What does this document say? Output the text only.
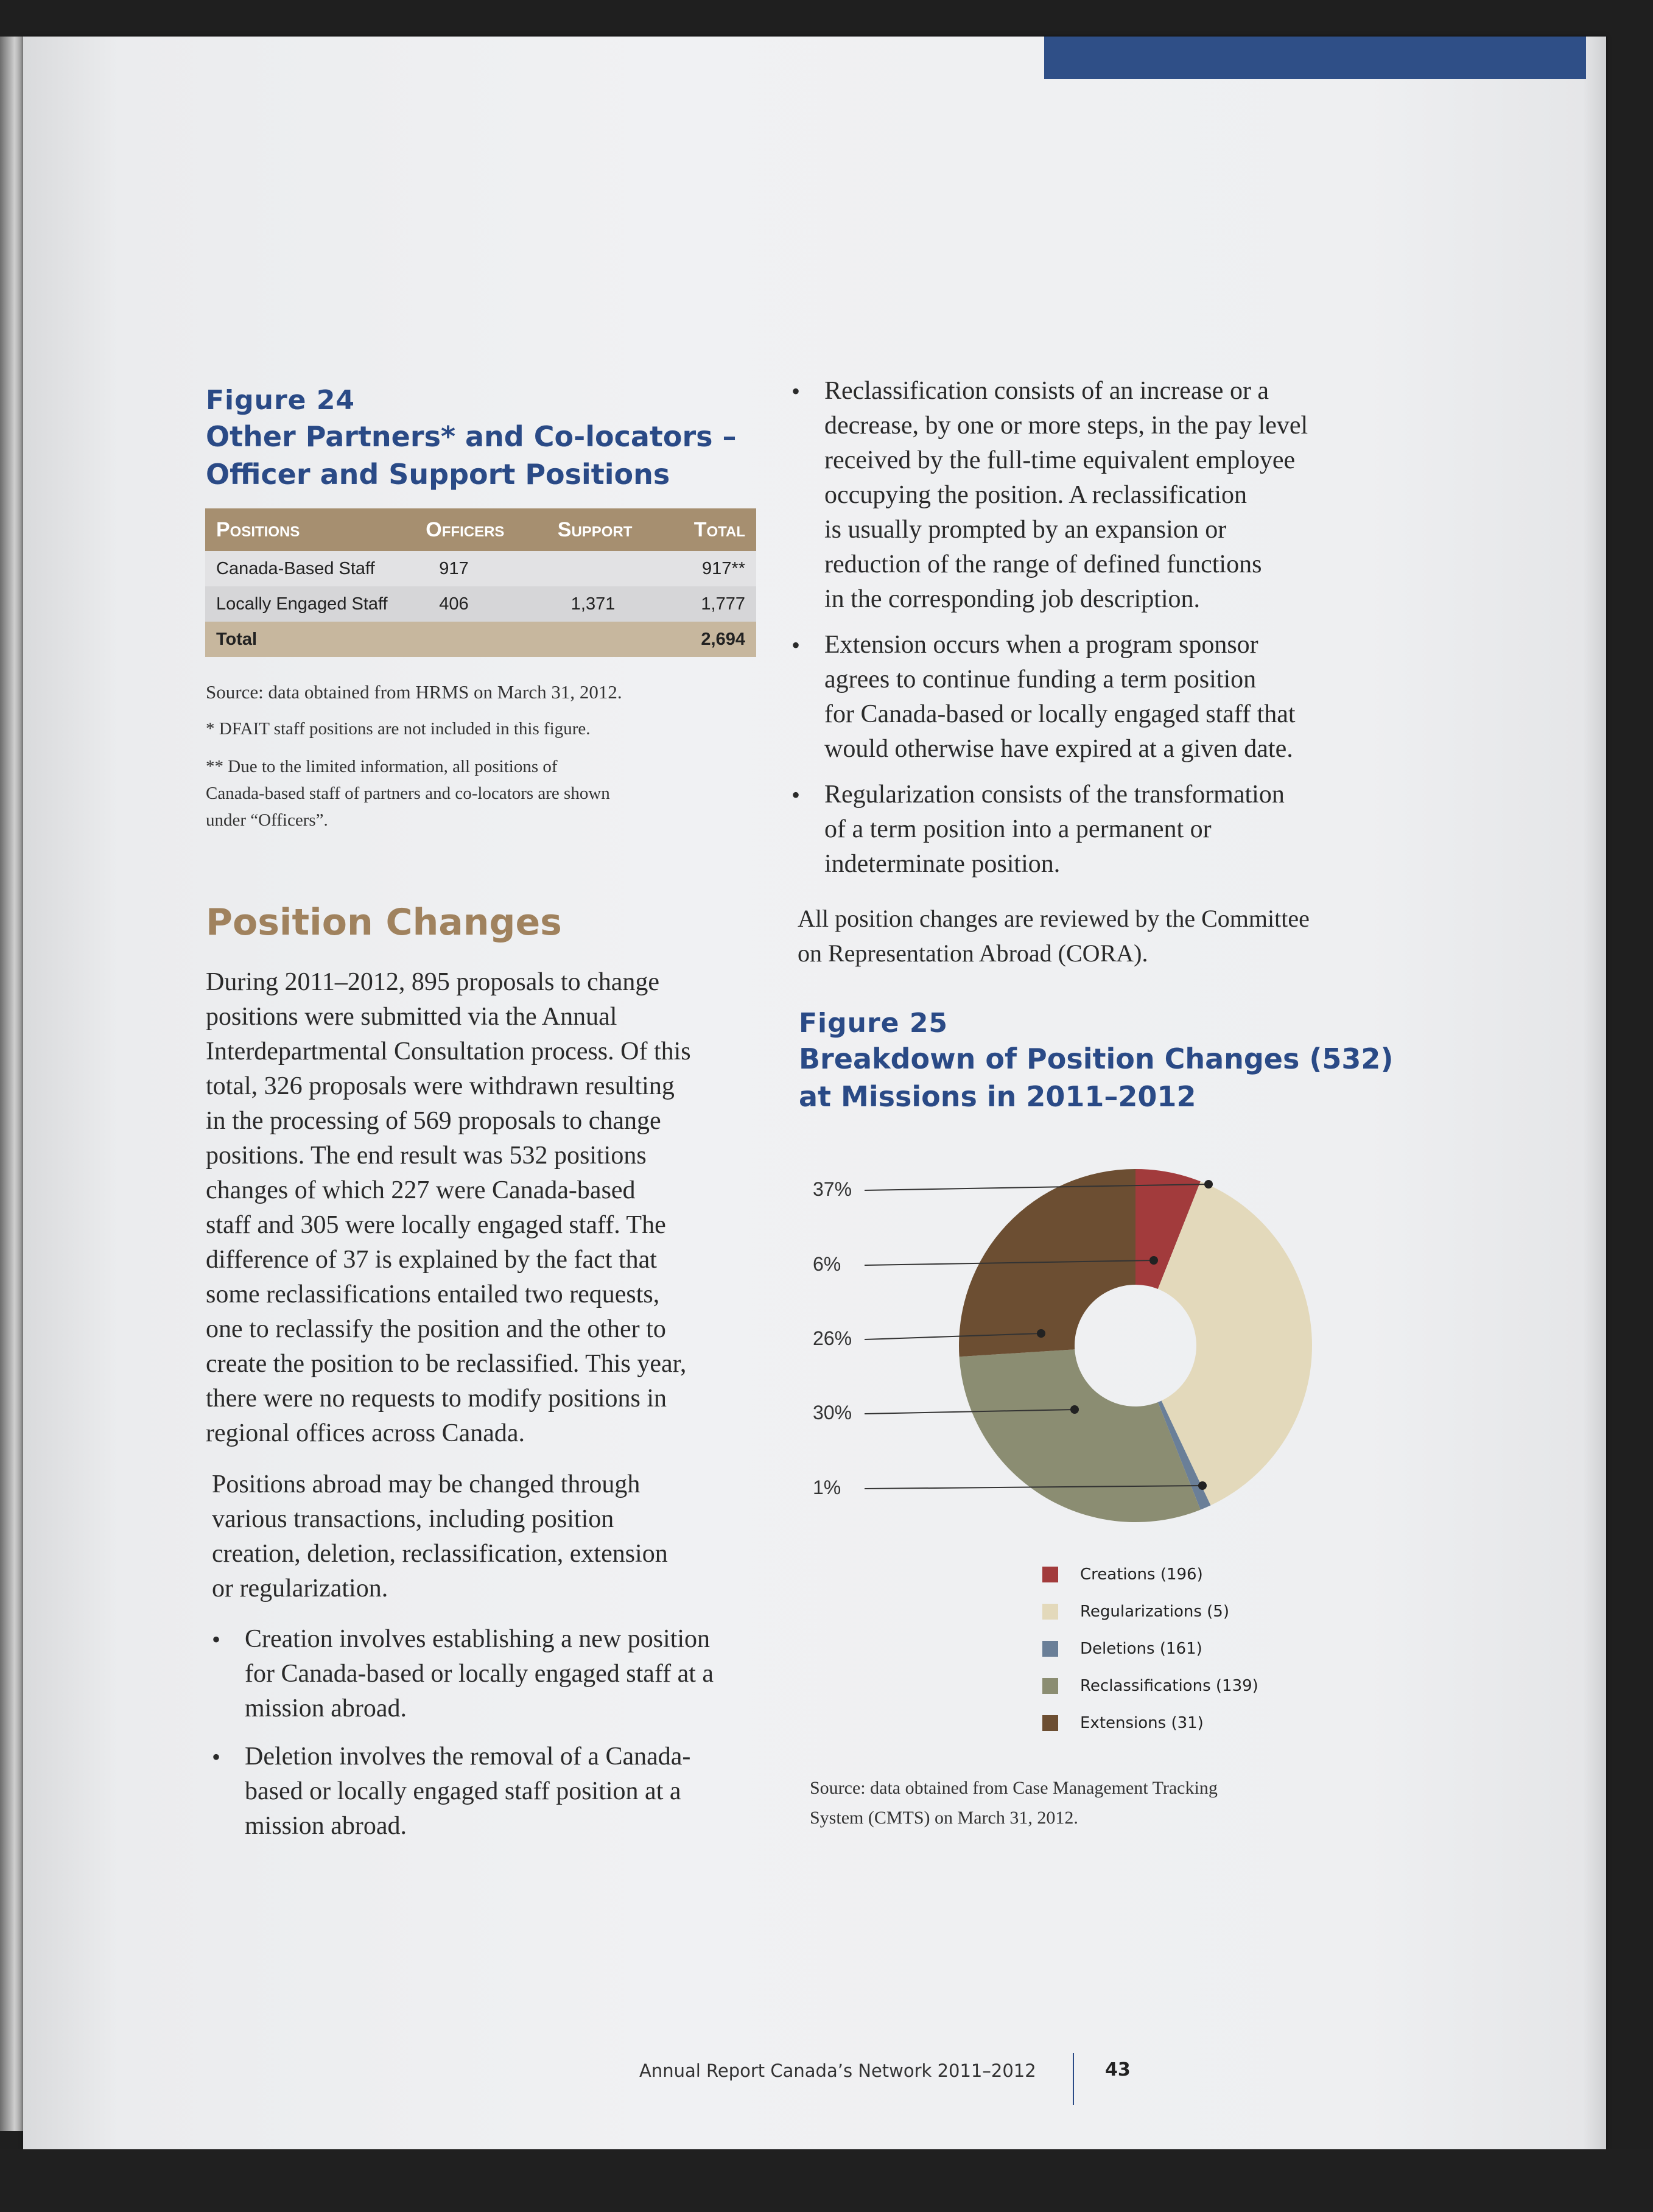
Figure 24
Other Partners* and Co-locators –
Officer and Support Positions
Positions	Officers	Support	Total
Canada-Based Staff	917		917**
Locally Engaged Staff	406	1,371	1,777
Total			2,694
Source: data obtained from HRMS on March 31, 2012.
* DFAIT staff positions are not included in this figure.
** Due to the limited information, all positions of
Canada-based staff of partners and co-locators are shown
under “Officers”.
Position Changes
During 2011–2012, 895 proposals to change
positions were submitted via the Annual
Interdepartmental Consultation process. Of this
total, 326 proposals were withdrawn resulting
in the processing of 569 proposals to change
positions. The end result was 532 positions
changes of which 227 were Canada-based
staff and 305 were locally engaged staff. The
difference of 37 is explained by the fact that
some reclassifications entailed two requests,
one to reclassify the position and the other to
create the position to be reclassified. This year,
there were no requests to modify positions in
regional offices across Canada.
Positions abroad may be changed through
various transactions, including position
creation, deletion, reclassification, extension
or regularization.
• Creation involves establishing a new position
for Canada-based or locally engaged staff at a
mission abroad.
• Deletion involves the removal of a Canada-
based or locally engaged staff position at a
mission abroad.
• Reclassification consists of an increase or a
decrease, by one or more steps, in the pay level
received by the full-time equivalent employee
occupying the position. A reclassification
is usually prompted by an expansion or
reduction of the range of defined functions
in the corresponding job description.
• Extension occurs when a program sponsor
agrees to continue funding a term position
for Canada-based or locally engaged staff that
would otherwise have expired at a given date.
• Regularization consists of the transformation
of a term position into a permanent or
indeterminate position.
All position changes are reviewed by the Committee
on Representation Abroad (CORA).
Figure 25
Breakdown of Position Changes (532)
at Missions in 2011–2012
37%
6%
26%
30%
1%
Creations (196)
Regularizations (5)
Deletions (161)
Reclassifications (139)
Extensions (31)
Source: data obtained from Case Management Tracking
System (CMTS) on March 31, 2012.
Annual Report Canada’s Network 2011–2012	43
